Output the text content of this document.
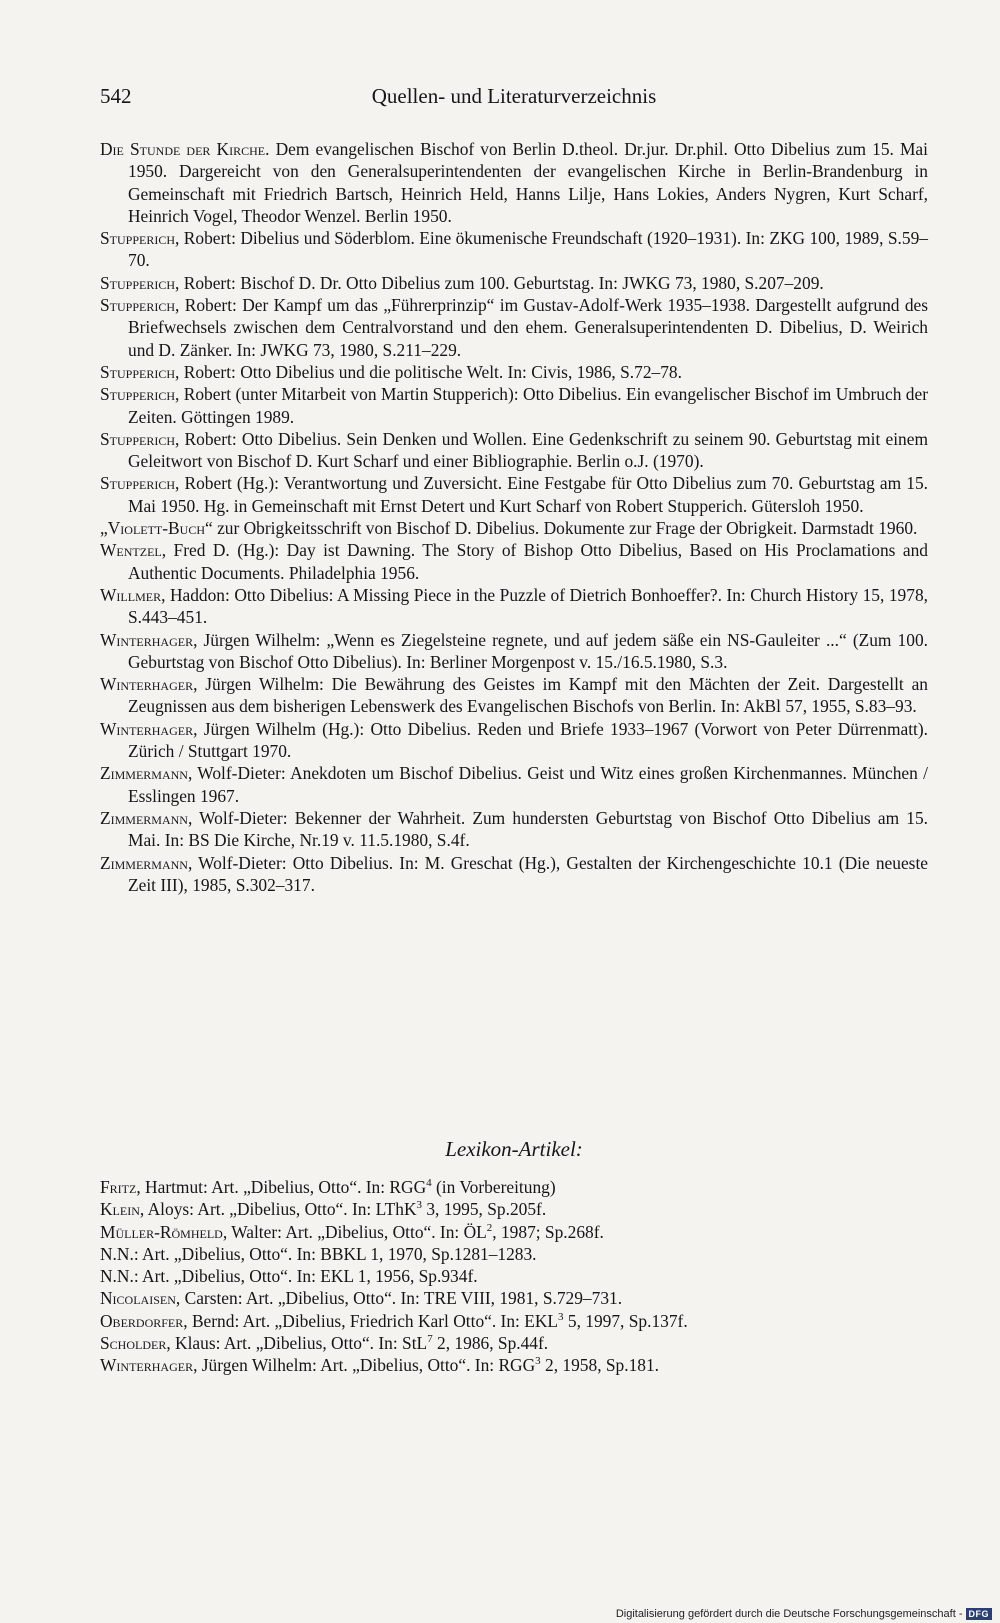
542	Quellen- und Literaturverzeichnis

Die Stunde der Kirche. Dem evangelischen Bischof von Berlin D.theol. Dr.jur. Dr.phil. Otto Dibelius zum 15. Mai 1950. Dargereicht von den Generalsuperintendenten der evangelischen Kirche in Berlin-Brandenburg in Gemeinschaft mit Friedrich Bartsch, Heinrich Held, Hanns Lilje, Hans Lokies, Anders Nygren, Kurt Scharf, Heinrich Vogel, Theodor Wenzel. Berlin 1950.

Stupperich, Robert: Dibelius und Söderblom. Eine ökumenische Freundschaft (1920–1931). In: ZKG 100, 1989, S.59–70.

Stupperich, Robert: Bischof D. Dr. Otto Dibelius zum 100. Geburtstag. In: JWKG 73, 1980, S.207–209.

Stupperich, Robert: Der Kampf um das „Führerprinzip“ im Gustav-Adolf-Werk 1935–1938. Dargestellt aufgrund des Briefwechsels zwischen dem Centralvorstand und den ehem. Generalsuperintendenten D. Dibelius, D. Weirich und D. Zänker. In: JWKG 73, 1980, S.211–229.

Stupperich, Robert: Otto Dibelius und die politische Welt. In: Civis, 1986, S.72–78.

Stupperich, Robert (unter Mitarbeit von Martin Stupperich): Otto Dibelius. Ein evangelischer Bischof im Umbruch der Zeiten. Göttingen 1989.

Stupperich, Robert: Otto Dibelius. Sein Denken und Wollen. Eine Gedenkschrift zu seinem 90. Geburtstag mit einem Geleitwort von Bischof D. Kurt Scharf und einer Bibliographie. Berlin o.J. (1970).

Stupperich, Robert (Hg.): Verantwortung und Zuversicht. Eine Festgabe für Otto Dibelius zum 70. Geburtstag am 15. Mai 1950. Hg. in Gemeinschaft mit Ernst Detert und Kurt Scharf von Robert Stupperich. Gütersloh 1950.

„Violett-Buch“ zur Obrigkeitsschrift von Bischof D. Dibelius. Dokumente zur Frage der Obrigkeit. Darmstadt 1960.

Wentzel, Fred D. (Hg.): Day ist Dawning. The Story of Bishop Otto Dibelius, Based on His Proclamations and Authentic Documents. Philadelphia 1956.

Willmer, Haddon: Otto Dibelius: A Missing Piece in the Puzzle of Dietrich Bonhoeffer?. In: Church History 15, 1978, S.443–451.

Winterhager, Jürgen Wilhelm: „Wenn es Ziegelsteine regnete, und auf jedem säße ein NS-Gauleiter ...“ (Zum 100. Geburtstag von Bischof Otto Dibelius). In: Berliner Morgenpost v. 15./16.5.1980, S.3.

Winterhager, Jürgen Wilhelm: Die Bewährung des Geistes im Kampf mit den Mächten der Zeit. Dargestellt an Zeugnissen aus dem bisherigen Lebenswerk des Evangelischen Bischofs von Berlin. In: AkBl 57, 1955, S.83–93.

Winterhager, Jürgen Wilhelm (Hg.): Otto Dibelius. Reden und Briefe 1933–1967 (Vorwort von Peter Dürrenmatt). Zürich / Stuttgart 1970.

Zimmermann, Wolf-Dieter: Anekdoten um Bischof Dibelius. Geist und Witz eines großen Kirchenmannes. München / Esslingen 1967.

Zimmermann, Wolf-Dieter: Bekenner der Wahrheit. Zum hundersten Geburtstag von Bischof Otto Dibelius am 15. Mai. In: BS Die Kirche, Nr.19 v. 11.5.1980, S.4f.

Zimmermann, Wolf-Dieter: Otto Dibelius. In: M. Greschat (Hg.), Gestalten der Kirchengeschichte 10.1 (Die neueste Zeit III), 1985, S.302–317.

Lexikon-Artikel:

Fritz, Hartmut: Art. „Dibelius, Otto“. In: RGG$^4$ (in Vorbereitung)

Klein, Aloys: Art. „Dibelius, Otto“. In: LThK$^3$ 3, 1995, Sp.205f.

Müller-Römheld, Walter: Art. „Dibelius, Otto“. In: $ÖL^2$, 1987; Sp.268f.

N.N.: Art. „Dibelius, Otto“. In: BBKL 1, 1970, Sp.1281–1283.

N.N.: Art. „Dibelius, Otto“. In: EKL 1, 1956, Sp.934f.

Nicolaisen, Carsten: Art. „Dibelius, Otto“. In: TRE VIII, 1981, S.729–731.

Oberdorfer, Bernd: Art. „Dibelius, Friedrich Karl Otto“. In: EKL$^3$ 5, 1997, Sp.137f.

Scholder, Klaus: Art. „Dibelius, Otto“. In: StL$^7$ 2, 1986, Sp.44f.

Winterhager, Jürgen Wilhelm: Art. „Dibelius, Otto“. In: RGG$^3$ 2, 1958, Sp.181.

Digitalisierung gefördert durch die Deutsche Forschungsgemeinschaft - DFG
